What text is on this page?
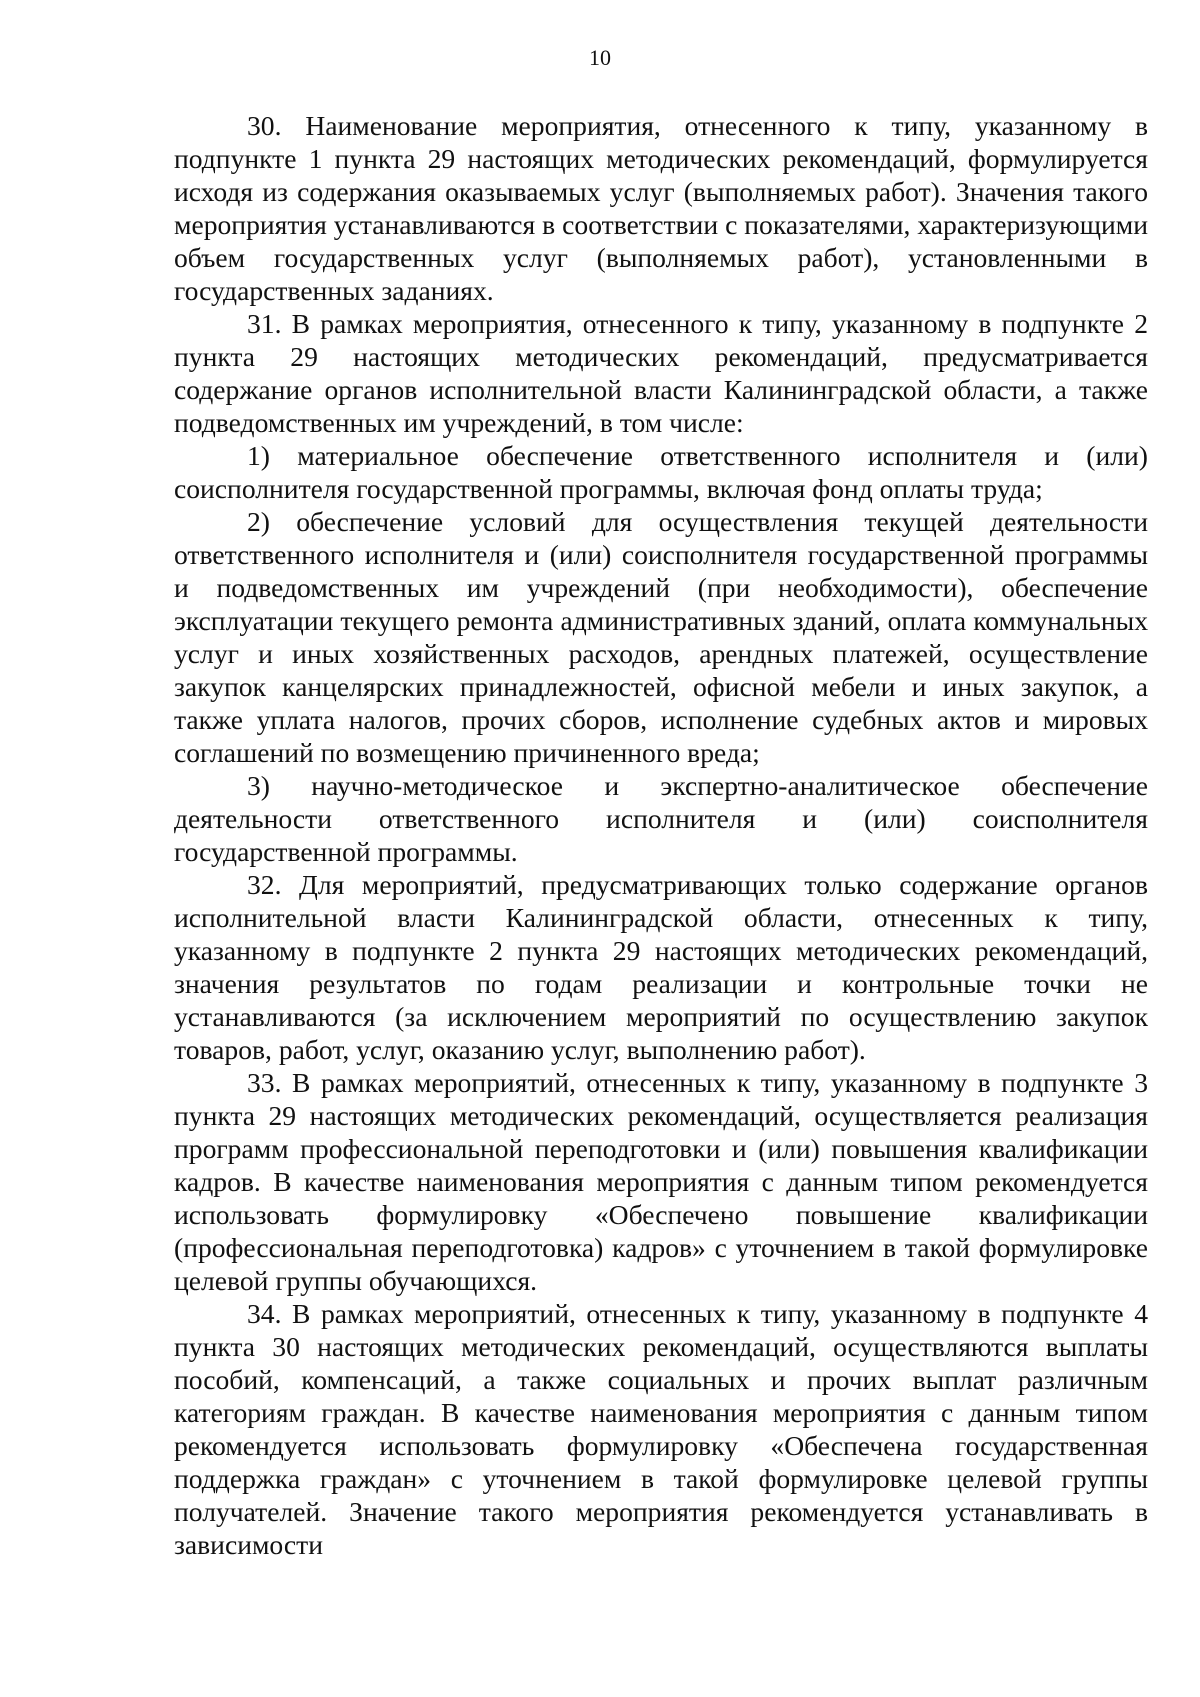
10

30. Наименование мероприятия, отнесенного к типу, указанному в подпункте 1 пункта 29 настоящих методических рекомендаций, формулируется исходя из содержания оказываемых услуг (выполняемых работ). Значения такого мероприятия устанавливаются в соответствии с показателями, характеризующими объем государственных услуг (выполняемых работ), установленными в государственных заданиях.

31. В рамках мероприятия, отнесенного к типу, указанному в подпункте 2 пункта 29 настоящих методических рекомендаций, предусматривается содержание органов исполнительной власти Калининградской области, а также подведомственных им учреждений, в том числе:

1) материальное обеспечение ответственного исполнителя и (или) соисполнителя государственной программы, включая фонд оплаты труда;

2) обеспечение условий для осуществления текущей деятельности ответственного исполнителя и (или) соисполнителя государственной программы и подведомственных им учреждений (при необходимости), обеспечение эксплуатации текущего ремонта административных зданий, оплата коммунальных услуг и иных хозяйственных расходов, арендных платежей, осуществление закупок канцелярских принадлежностей, офисной мебели и иных закупок, а также уплата налогов, прочих сборов, исполнение судебных актов и мировых соглашений по возмещению причиненного вреда;

3) научно-методическое и экспертно-аналитическое обеспечение деятельности ответственного исполнителя и (или) соисполнителя государственной программы.

32. Для мероприятий, предусматривающих только содержание органов исполнительной власти Калининградской области, отнесенных к типу, указанному в подпункте 2 пункта 29 настоящих методических рекомендаций, значения результатов по годам реализации и контрольные точки не устанавливаются (за исключением мероприятий по осуществлению закупок товаров, работ, услуг, оказанию услуг, выполнению работ).

33. В рамках мероприятий, отнесенных к типу, указанному в подпункте 3 пункта 29 настоящих методических рекомендаций, осуществляется реализация программ профессиональной переподготовки и (или) повышения квалификации кадров. В качестве наименования мероприятия с данным типом рекомендуется использовать формулировку «Обеспечено повышение квалификации (профессиональная переподготовка) кадров» с уточнением в такой формулировке целевой группы обучающихся.

34. В рамках мероприятий, отнесенных к типу, указанному в подпункте 4 пункта 30 настоящих методических рекомендаций, осуществляются выплаты пособий, компенсаций, а также социальных и прочих выплат различным категориям граждан. В качестве наименования мероприятия с данным типом рекомендуется использовать формулировку «Обеспечена государственная поддержка граждан» с уточнением в такой формулировке целевой группы получателей. Значение такого мероприятия рекомендуется устанавливать в зависимости
